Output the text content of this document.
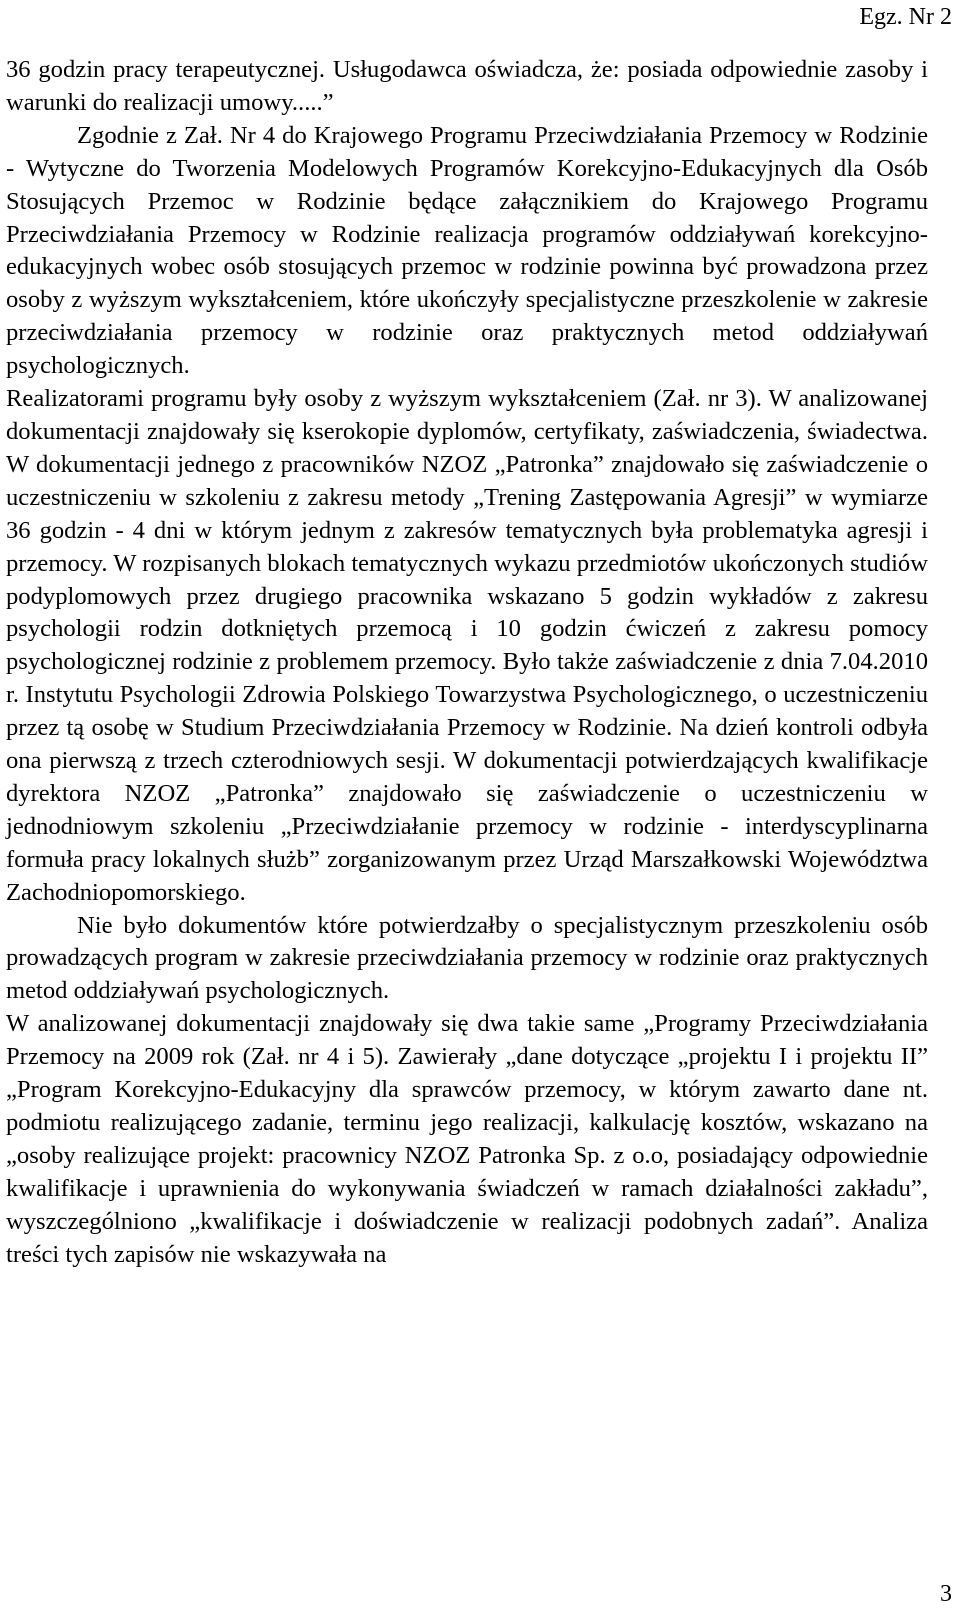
Egz. Nr 2

36 godzin pracy terapeutycznej. Usługodawca oświadcza, że: posiada odpowiednie zasoby i warunki do realizacji umowy.....”

Zgodnie z Zał. Nr 4 do Krajowego Programu Przeciwdziałania Przemocy w Rodzinie - Wytyczne do Tworzenia Modelowych Programów Korekcyjno-Edukacyjnych dla Osób Stosujących Przemoc w Rodzinie będące załącznikiem do Krajowego Programu Przeciwdziałania Przemocy w Rodzinie realizacja programów oddziaływań korekcyjno-edukacyjnych wobec osób stosujących przemoc w rodzinie powinna być prowadzona przez osoby z wyższym wykształceniem, które ukończyły specjalistyczne przeszkolenie w zakresie przeciwdziałania przemocy w rodzinie oraz praktycznych metod oddziaływań psychologicznych.

Realizatorami programu były osoby z wyższym wykształceniem (Zał. nr 3). W analizowanej dokumentacji znajdowały się kserokopie dyplomów, certyfikaty, zaświadczenia, świadectwa. W dokumentacji jednego z pracowników NZOZ „Patronka” znajdowało się zaświadczenie o uczestniczeniu w szkoleniu z zakresu metody „Trening Zastępowania Agresji” w wymiarze 36 godzin - 4 dni w którym jednym z zakresów tematycznych była problematyka agresji i przemocy. W rozpisanych blokach tematycznych wykazu przedmiotów ukończonych studiów podyplomowych przez drugiego pracownika wskazano 5 godzin wykładów z zakresu psychologii rodzin dotkniętych przemocą i 10 godzin ćwiczeń z zakresu pomocy psychologicznej rodzinie z problemem przemocy. Było także zaświadczenie z dnia 7.04.2010 r. Instytutu Psychologii Zdrowia Polskiego Towarzystwa Psychologicznego, o uczestniczeniu przez tą osobę w Studium Przeciwdziałania Przemocy w Rodzinie. Na dzień kontroli odbyła ona pierwszą z trzech czterodniowych sesji. W dokumentacji potwierdzających kwalifikacje dyrektora NZOZ „Patronka” znajdowało się zaświadczenie o uczestniczeniu w jednodniowym szkoleniu „Przeciwdziałanie przemocy w rodzinie - interdyscyplinarna formuła pracy lokalnych służb” zorganizowanym przez Urząd Marszałkowski Województwa Zachodniopomorskiego.

Nie było dokumentów które potwierdzałby o specjalistycznym przeszkoleniu osób prowadzących program w zakresie przeciwdziałania przemocy w rodzinie oraz praktycznych metod oddziaływań psychologicznych.

W analizowanej dokumentacji znajdowały się dwa takie same „Programy Przeciwdziałania Przemocy na 2009 rok (Zał. nr 4 i 5). Zawierały „dane dotyczące „projektu I i projektu II” „Program Korekcyjno-Edukacyjny dla sprawców przemocy, w którym zawarto dane nt. podmiotu realizującego zadanie, terminu jego realizacji, kalkulację kosztów, wskazano na „osoby realizujące projekt: pracownicy NZOZ Patronka Sp. z o.o, posiadający odpowiednie kwalifikacje i uprawnienia do wykonywania świadczeń w ramach działalności zakładu”, wyszczególniono „kwalifikacje i doświadczenie w realizacji podobnych zadań”. Analiza treści tych zapisów nie wskazywała na

3
